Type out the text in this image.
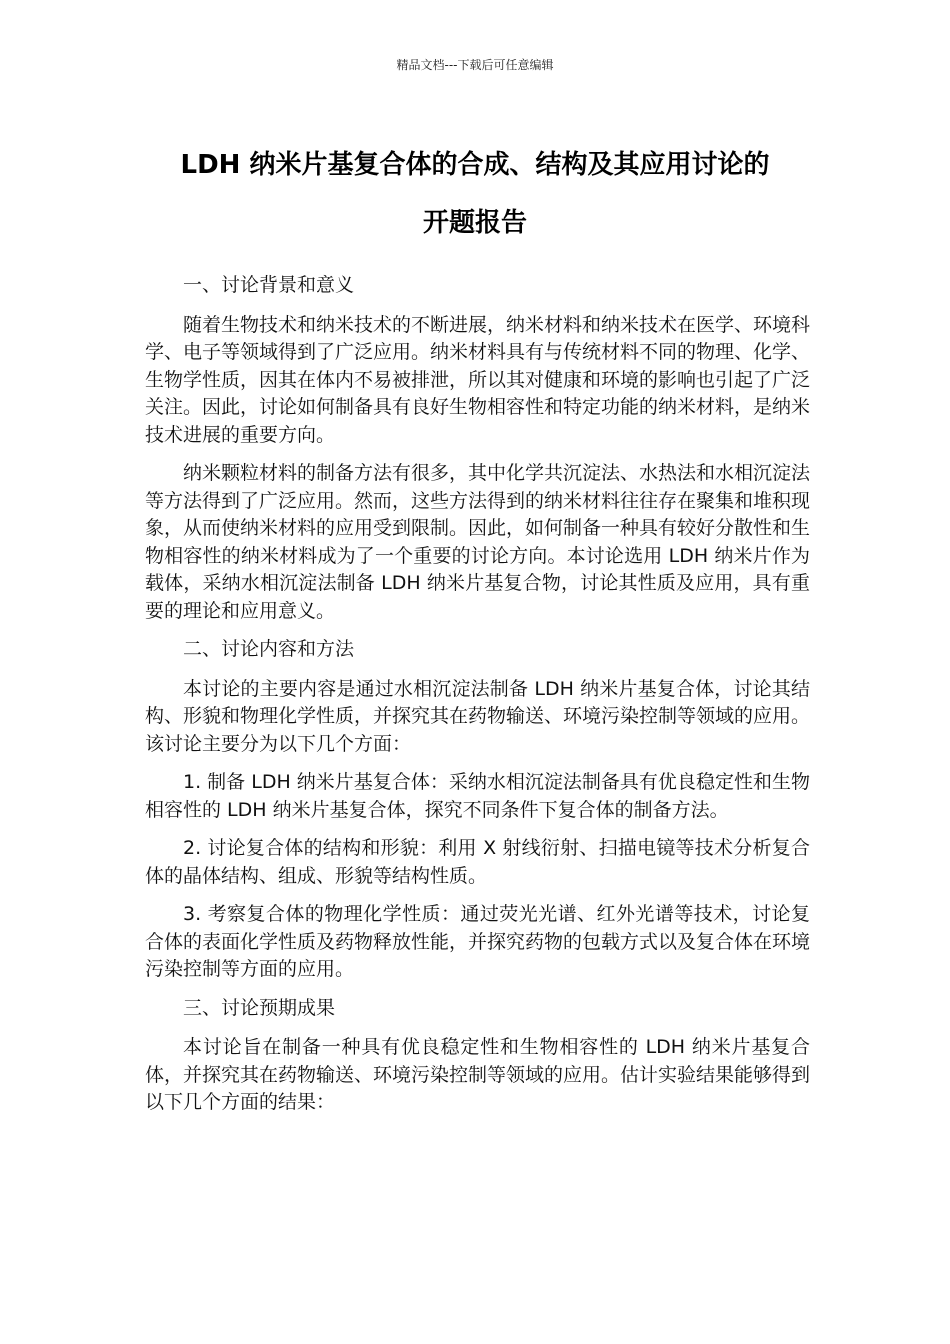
精品文档---下载后可任意编辑
LDH 纳米片基复合体的合成、结构及其应用讨论的
开题报告

一、讨论背景和意义

随着生物技术和纳米技术的不断进展，纳米材料和纳米技术在医学、环境科学、电子等领域得到了广泛应用。纳米材料具有与传统材料不同的物理、化学、生物学性质，因其在体内不易被排泄，所以其对健康和环境的影响也引起了广泛关注。因此，讨论如何制备具有良好生物相容性和特定功能的纳米材料，是纳米技术进展的重要方向。

纳米颗粒材料的制备方法有很多，其中化学共沉淀法、水热法和水相沉淀法等方法得到了广泛应用。然而，这些方法得到的纳米材料往往存在聚集和堆积现象，从而使纳米材料的应用受到限制。因此，如何制备一种具有较好分散性和生物相容性的纳米材料成为了一个重要的讨论方向。本讨论选用 LDH 纳米片作为载体，采纳水相沉淀法制备 LDH 纳米片基复合物，讨论其性质及应用，具有重要的理论和应用意义。

二、讨论内容和方法

本讨论的主要内容是通过水相沉淀法制备 LDH 纳米片基复合体，讨论其结构、形貌和物理化学性质，并探究其在药物输送、环境污染控制等领域的应用。该讨论主要分为以下几个方面：

1. 制备 LDH 纳米片基复合体：采纳水相沉淀法制备具有优良稳定性和生物相容性的 LDH 纳米片基复合体，探究不同条件下复合体的制备方法。

2. 讨论复合体的结构和形貌：利用 X 射线衍射、扫描电镜等技术分析复合体的晶体结构、组成、形貌等结构性质。

3. 考察复合体的物理化学性质：通过荧光光谱、红外光谱等技术，讨论复合体的表面化学性质及药物释放性能，并探究药物的包载方式以及复合体在环境污染控制等方面的应用。

三、讨论预期成果

本讨论旨在制备一种具有优良稳定性和生物相容性的 LDH 纳米片基复合体，并探究其在药物输送、环境污染控制等领域的应用。估计实验结果能够得到以下几个方面的结果：
